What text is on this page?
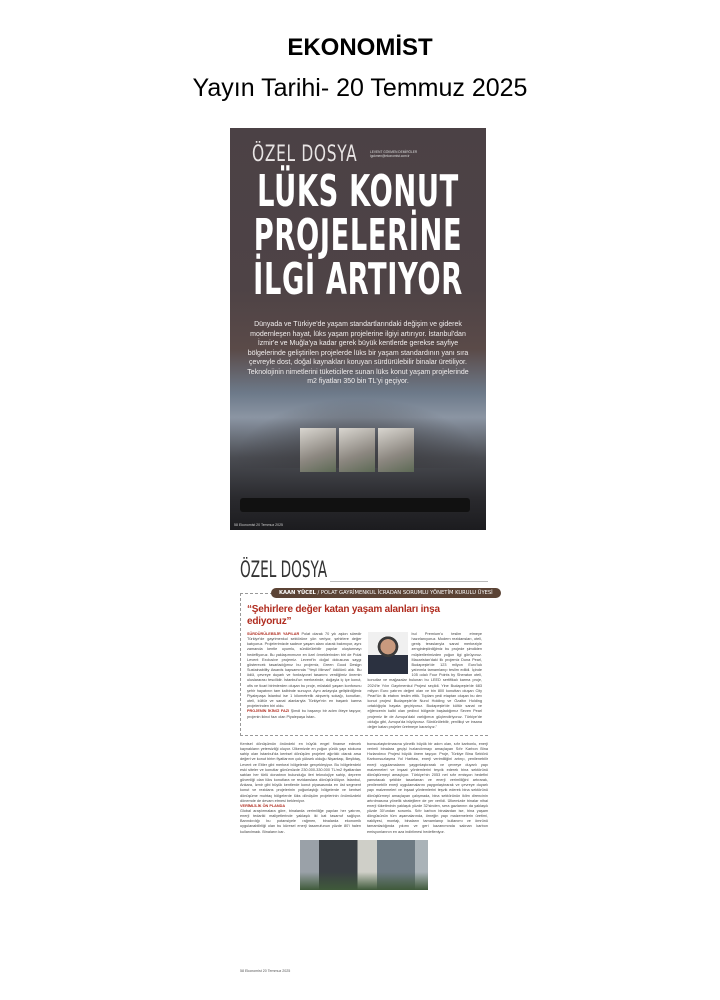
EKONOMİST
Yayın Tarihi- 20 Temmuz 2025
ÖZEL DOSYA	LEVENT GÖKMEN DEMİRÖLER
lgokmen@ekonomist.com.tr
LÜKS KONUT
PROJELERİNE
İLGİ ARTIYOR
Dünyada ve Türkiye'de yaşam standartlarındaki değişim ve giderek modernleşen hayat, lüks yaşam projelerine ilgiyi artırıyor. İstanbul'dan İzmir'e ve Muğla'ya kadar gerek büyük kentlerde gerekse sayfiye bölgelerinde geliştirilen projelerde lüks bir yaşam standardının yanı sıra çevreyle dost, doğal kaynakları koruyan sürdürülebilir binalar üretiliyor. Teknolojinin nimetlerini tüketicilere sunan lüks konut yaşam projelerinde m2 fiyatları 350 bin TL'yi geçiyor.
58 Ekonomist 20 Temmuz 2025
ÖZEL DOSYA
KAAN YÜCEL / POLAT GAYRİMENKUL İCRADAN SORUMLU YÖNETİM KURULU ÜYESİ
“Şehirlere değer katan yaşam alanları inşa ediyoruz”
SÜRDÜRÜLEBİLİR YAPILAR Polat olarak 70 yılı aşkın süredir Türkiye'de gayrimenkul sektörüne yön veriyor, şehirlere değer katıyoruz. Projelerimizde sadece yaşam alanı olarak bakmıyor, aynı zamanda kentle uyumlu, sürdürülebilir yapılar oluşturmayı hedefliyoruz. Bu yaklaşımımızın en özel örneklerinden biri de Polat Levent Exclusive projemiz. Levent'in doğal dokusuna saygı gösterecek tasarladığımız bu projemiz, Green Good Design Sustainability Awards kapsamında "Yeşil Mimari" ödülünü aldı. Bu ödül, çevreye duyarlı ve fonksiyonel tasarımı verdiğimiz önemin uluslararası tescilidir. İstanbul'un merkezinde, doğayla iç içe konut, ofis ve ticari birimlerden oluşan bu proje, müstakil yaşam konforunu şehir hayatının tam kalbinde sunuyor. Aynı anlayışla geliştirdiğimiz Piyalepaşa İstanbul ise 1 kilometrelik alışveriş sokağı, konutları, oteli, kültür ve sanat alanlarıyla Türkiye'nin en başarılı karma projelerinden biri oldu.
PROJENİN İKİNCİ FAZI Şimdi bu başarıyı bir adım öteye taşıyor, projenin ikinci fazı olan Piyalepaşa İstan-
bul Premium'u teslim etmeye hazırlanıyoruz. Modern rezidansları, oteli, geniş teraslarıyla sanat merkeziyle zenginleştirdiğimiz bu projede şimdiden müşterilerimizden yoğun ilgi görüyoruz. Macaristan'daki ilk projemiz Duna Pearl, Budapeşte'de 123 milyon Euro'luk yatırımla tamamlanıp teslim edildi. İçinde 105 odalı Four Points by Sheraton oteli, konutlar ve mağazalar bulunan bu LEED sertifikalı karma proje, 2024'te Yılın Gayrimenkul Projesi seçildi. Yine Budapeşte'de 683 milyon Euro yatırım değeri olan ve bin 800 konuttan oluşan City Pearl'ün ilk etabını teslim ettik. Toplam yedi etaptan oluşan bu dev konut projesi Budapeşte'de Nurol Holding ve Özaltın Holding ortaklığıyla hayata geçiriyoruz. Budapeşte'de kültür sanat ve eğlencenin kalbi olan yedinci bölgede başladığımız Seven Pearl projemiz ile de Avrupa'daki varlığımızı güçlendiriyoruz. Türkiye'de olduğu gibi, Avrupa'da büyüyoruz. Sürdürülebilir, yenilikçi ve insana değer katan projeler üretmeye kararlıyız."
Kentsel dönüşümün önündeki en büyük engel finanse edecek kaynakların yetersizliği oluyor. Ülkemizde en yoğun çürük yapı stokuna sahip olan İstanbul'da kentsel dönüşüm projeleri ağırlıklı olarak arsa değeri ve konut birim fiyatlarının çok yüksek olduğu Nişantaşı, Beşiktaş, Levent ve Etiler gibi merkezi bölgelerde gerçekleşiyor. Bu bölgelerdeki eski siteler ve konutlar günümüzde 230.000-330.000 TL/m2 fiyatlardan satılan her türlü donatının bulunduğu ileri teknolojiye sahip, deprem güvenliği olan lüks konutlara ve rezidanslara dönüştürülüyor. İstanbul, Ankara, İzmir gibi büyük kentlerde konut piyasasında en üst segment konut ve rezidans projelerinin yoğunlaştığı bölgelerde ve kentsel dönüşüme muhtaç bölgelerde lüks dönüşüm projelerinin önümüzdeki dönemde de devam etmesi bekleniyor.
VERİMLİLİK ÖN PLANDA
Global araştırmalara göre, binalarda verimliliğe yapılan her yatırım, enerji tedariki maliyetlerinde yaklaşık iki kat tasarruf sağlıyor. Barındırdığı bu potansiyele rağmen, binalarda ekonomik uygulanabilirliği olan bu küresel enerji tasarrufunun yüzde 80'i halen kullanılmadı. Binaların kar-
bonsuzlaştırılmasına yönelik büyük bir adım olan, sıfır karbonlu, enerji verimli binalara geçişi hızlandırmayı amaçlayan Sıfır Karbon Bina Hızlandırıcı Projesi büyük önem taşıyor. Proje, Türkiye Bina Sektörü Karbonsuzlaşma Yol Haritası, enerji verimliliğini artırıp, yenilenebilir enerji uygulamalarını yaygınlaştırarak ve çevreye duyarlı yapı malzemeleri ve inşaat yöntemlerini teşvik ederek bina sektörünü dönüştürmeyi amaçlıyor. Türkiye'nin 2053 net sıfır emisyon hedefini yansıtacak şekilde tasarlanan ve enerji verimliliğini artırarak, yenilenebilir enerji uygulamalarını yaygınlaştırarak ve çevreye duyarlı yapı malzemeleri ve inşaat yöntemlerini teşvik ederek bina sektörünü dönüştürmeyi amaçlayan çalışmada, bina sektörünün iklim direncinin artırılmasına yönelik stratejilere de yer verildi. Ülkemizde binalar nihai enerji tüketiminin yaklaşık yüzde 32'sinden, sera gazlarının da yaklaşık yüzde 30'undan sorumlu. Sıfır karbon binalardan ise, bina yaşam döngüsünün tüm aşamalarında, örneğin yapı malzemelerin üretimi, nakliyesi, montajı, binaların tamamlanıp kullanımı ve ömrünü tamamladığında yıkımı ve geri kazanımında salınan karbon emisyonlarının en aza indirilmesi hedefleniyor.
58 Ekonomist 20 Temmuz 2025
